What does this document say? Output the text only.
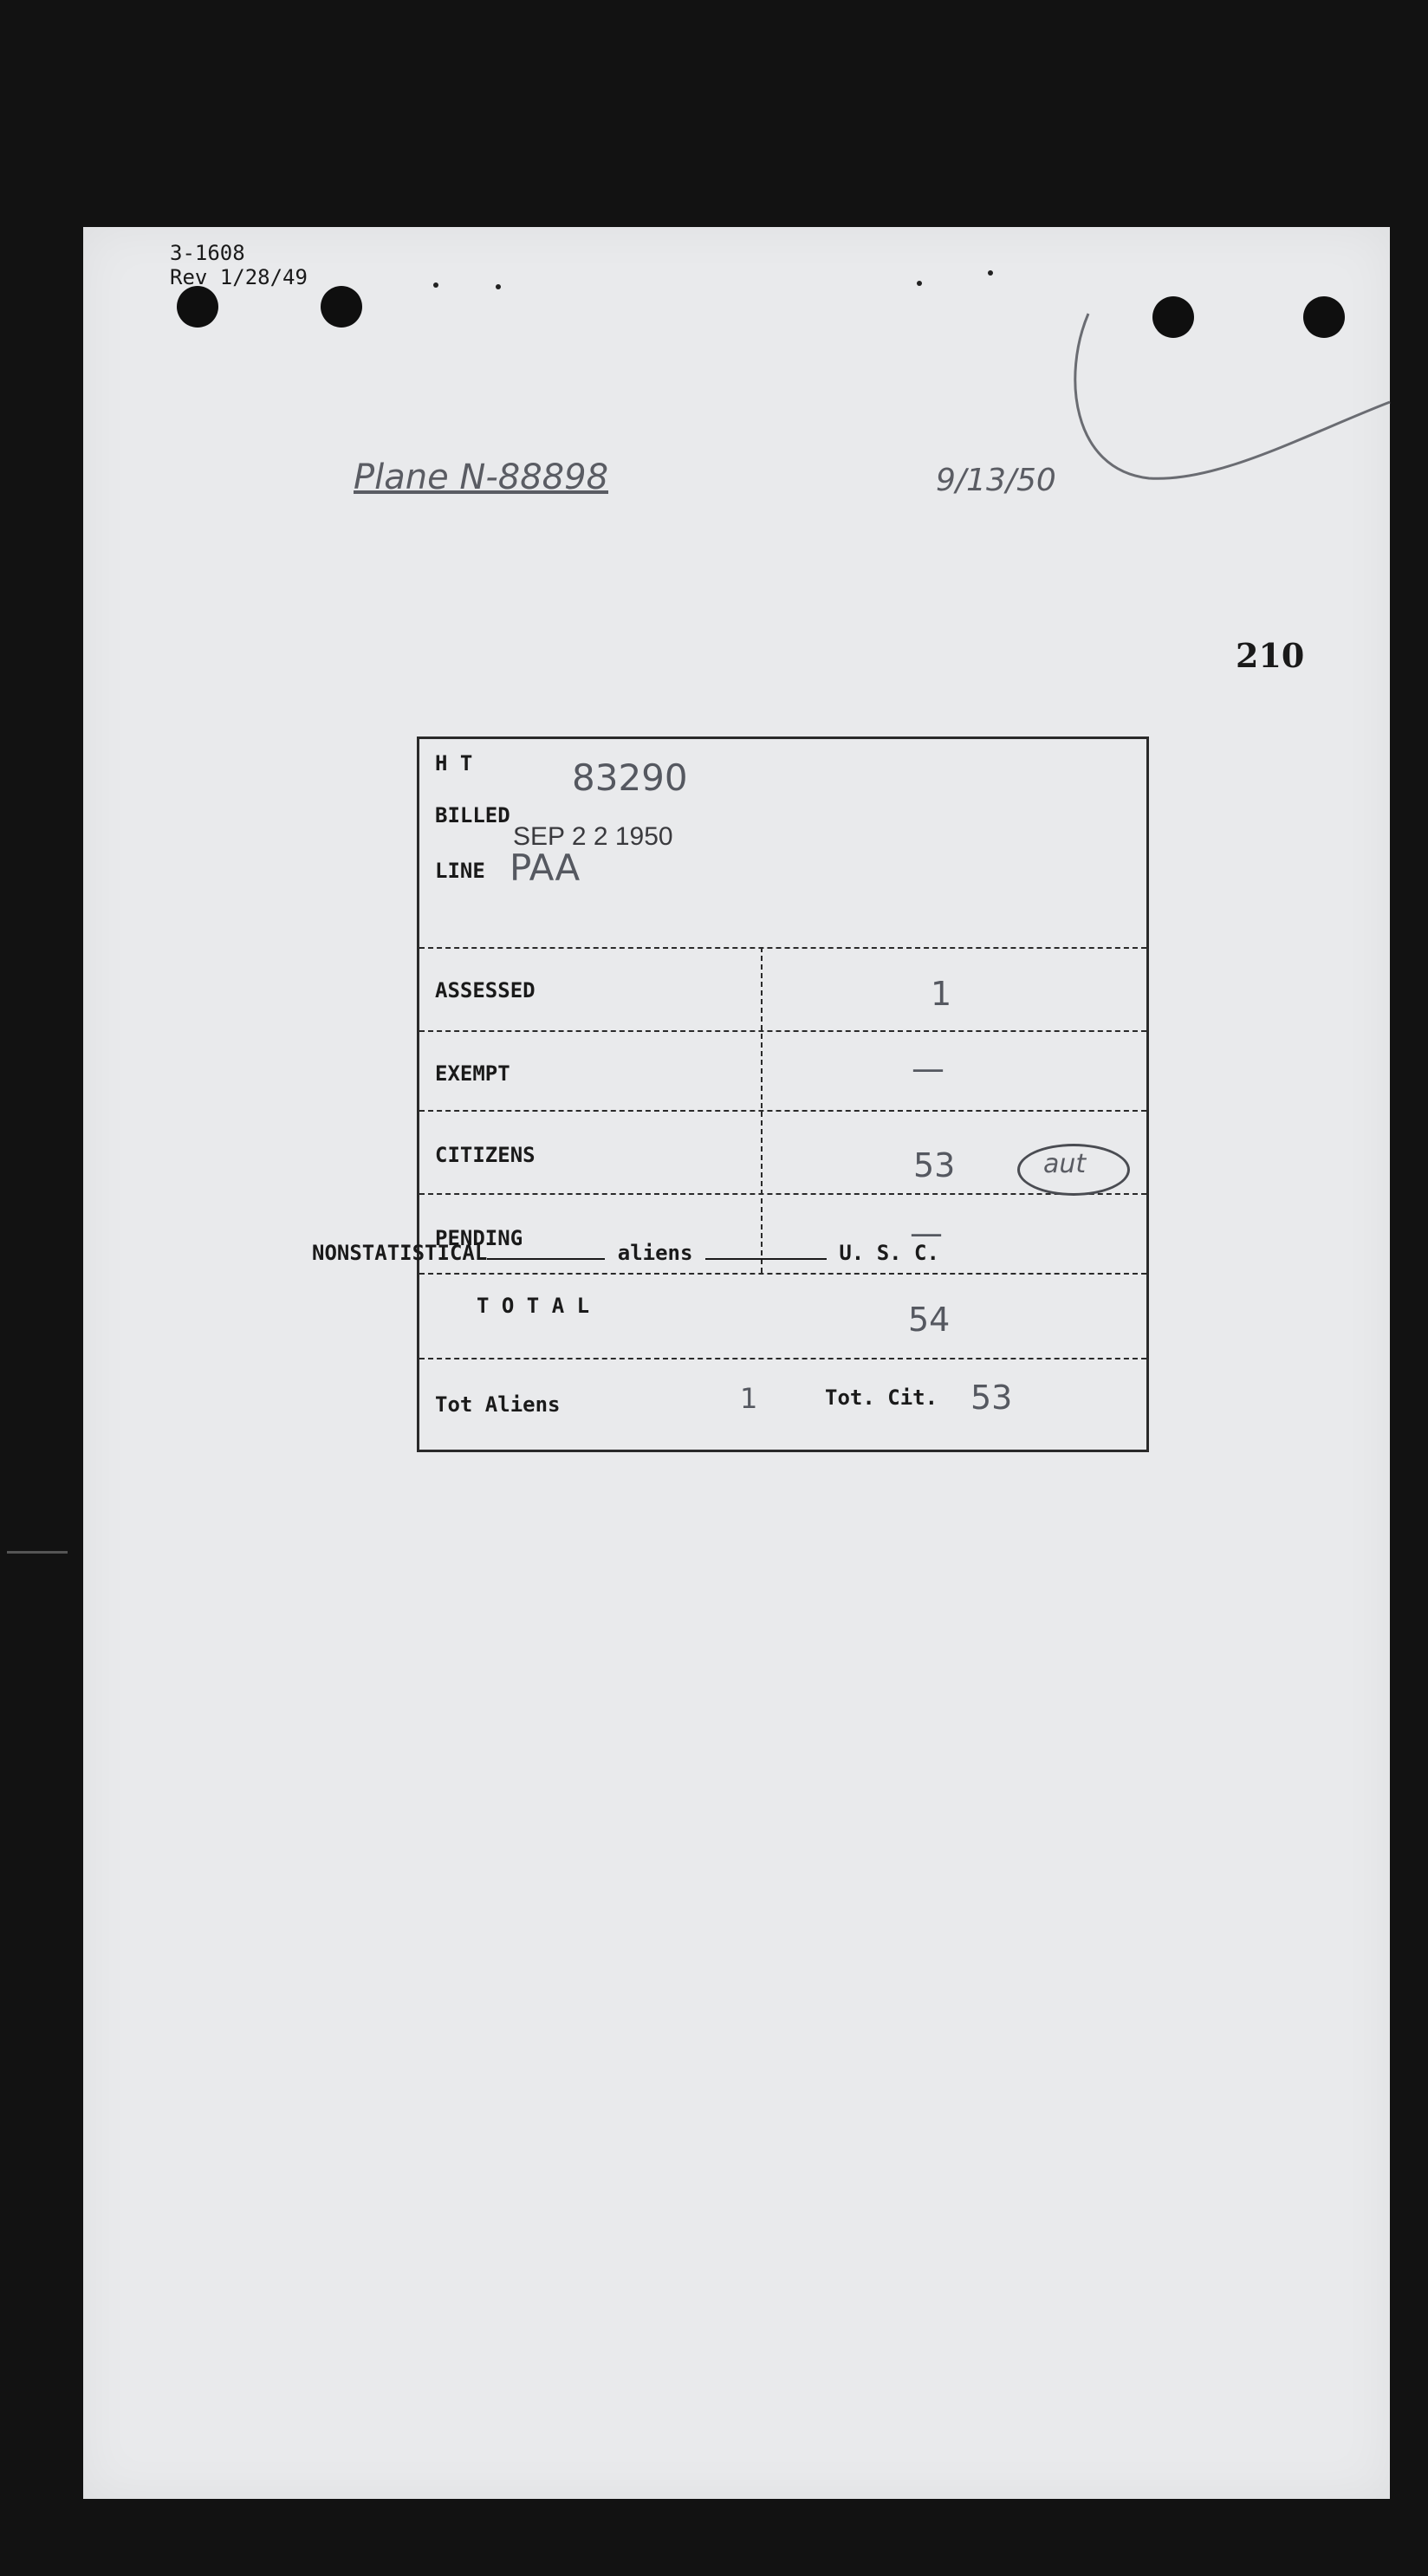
3-1608
Rev 1/28/49
Plane N-88898	9/13/50
210
H T	83290
BILLED
SEP 2 2 1950
LINE PAA
ASSESSED	1
EXEMPT	—
CITIZENS	53
PENDING	—
T O T A L	54
Tot Aliens	1	Tot. Cit. 53
aut
NONSTATISTICAL	aliens	U. S. C.
